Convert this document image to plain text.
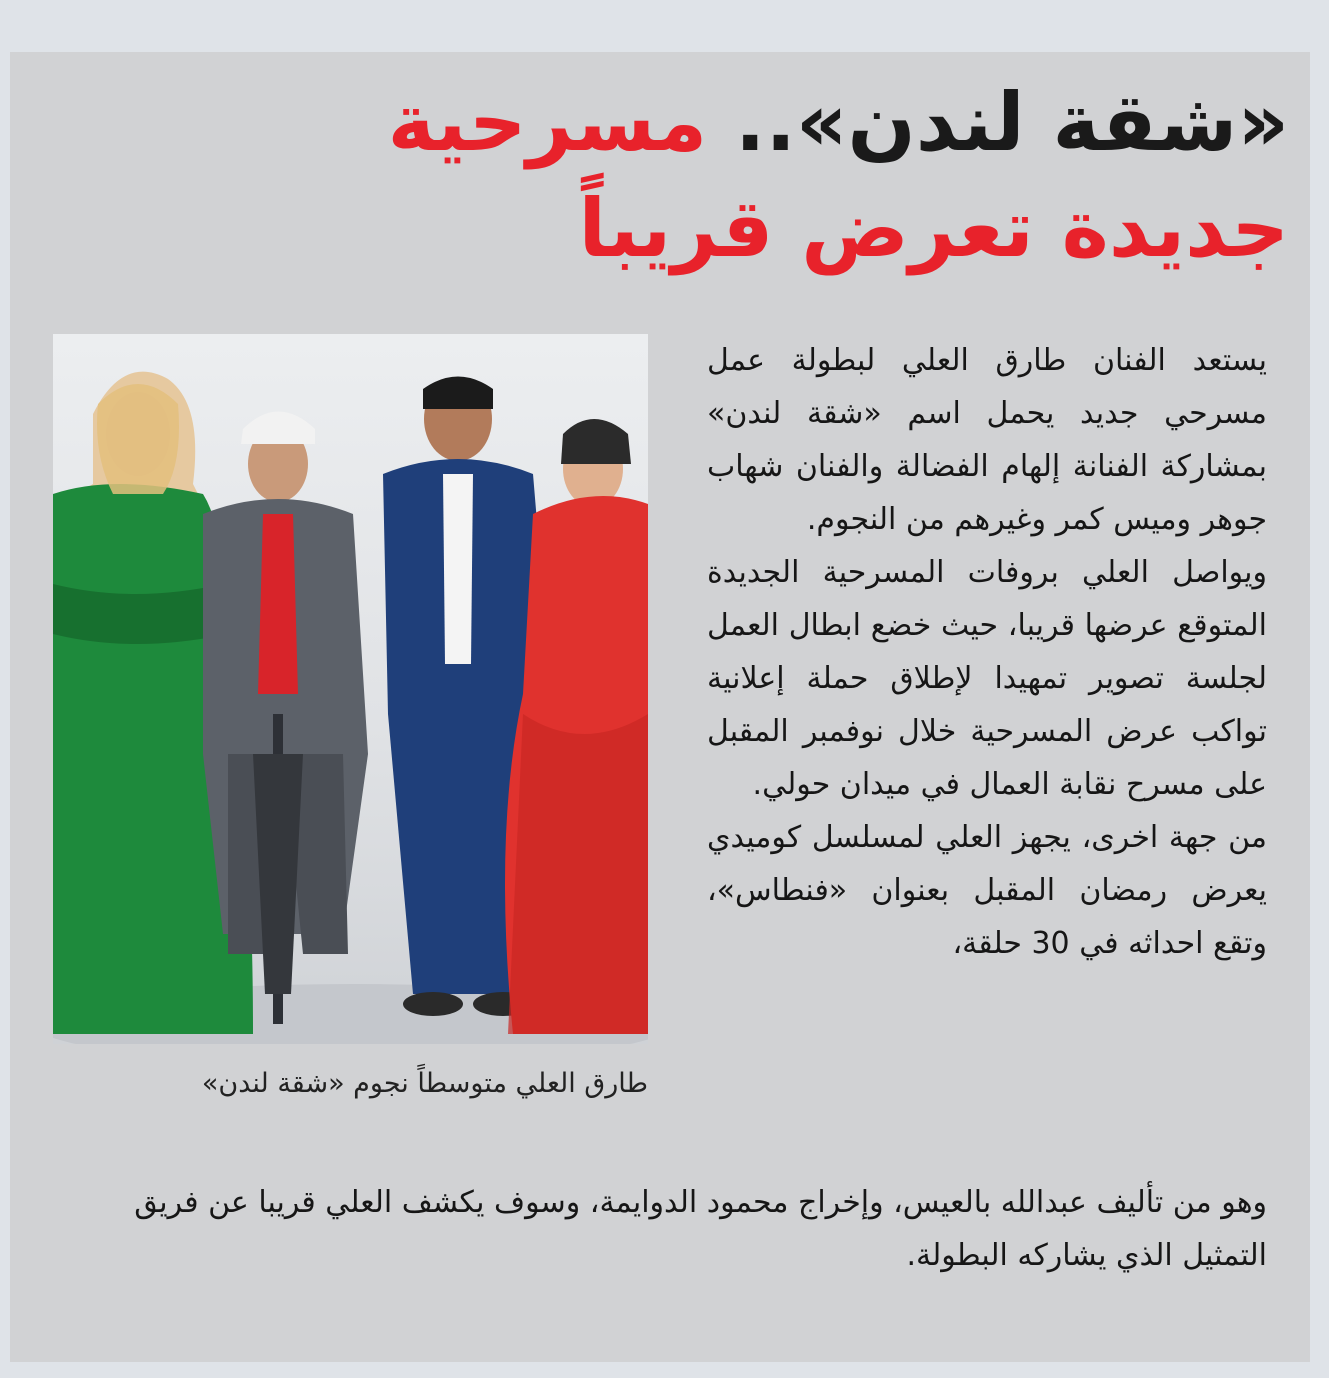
«شقة لندن».. مسرحية جديدة تعرض قريباً

طارق العلي متوسطاً نجوم «شقة لندن»

يستعد الفنان طارق العلي لبطولة عمل مسرحي جديد يحمل اسم «شقة لندن» بمشاركة الفنانة إلهام الفضالة والفنان شهاب جوهر وميس كمر وغيرهم من النجوم.

ويواصل العلي بروفات المسرحية الجديدة المتوقع عرضها قريبا، حيث خضع ابطال العمل لجلسة تصوير تمهيدا لإطلاق حملة إعلانية تواكب عرض المسرحية خلال نوفمبر المقبل على مسرح نقابة العمال في ميدان حولي.

من جهة اخرى، يجهز العلي لمسلسل كوميدي يعرض رمضان المقبل بعنوان «فنطاس»، وتقع احداثه في 30 حلقة،

وهو من تأليف عبدالله بالعيس، وإخراج محمود الدوايمة، وسوف يكشف العلي قريبا عن فريق التمثيل الذي يشاركه البطولة.
